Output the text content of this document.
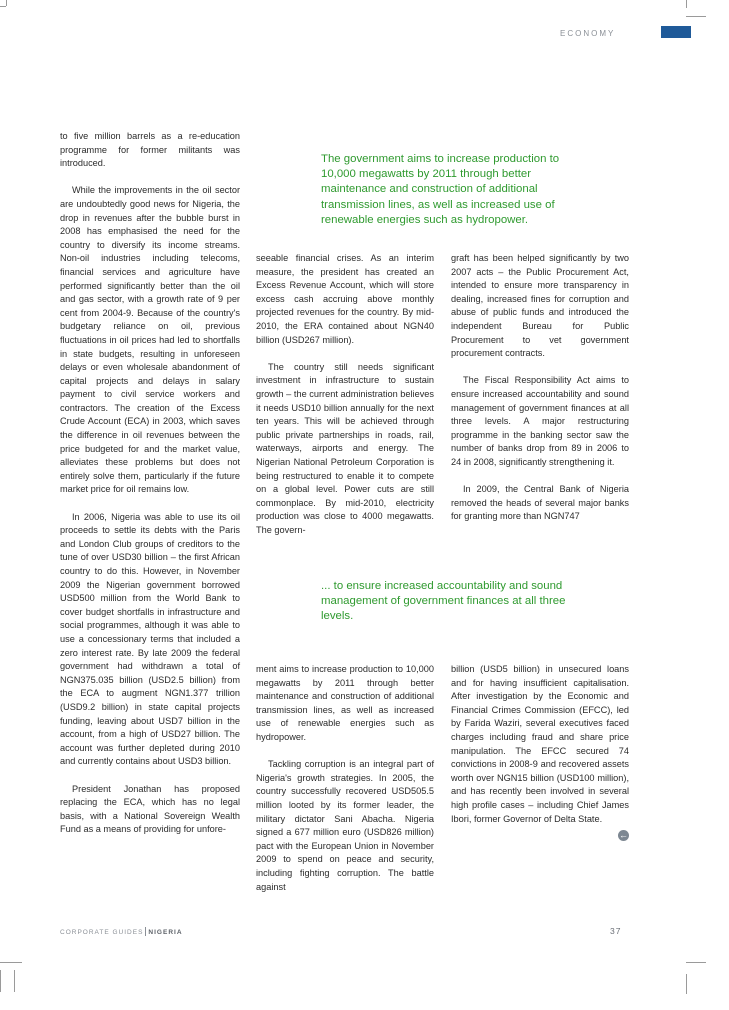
ECONOMY
The government aims to increase production to 10,000 megawatts by 2011 through better maintenance and construction of additional transmission lines, as well as increased use of renewable energies such as hydropower.

to five million barrels as a re-education programme for former militants was introduced.

While the improvements in the oil sector are undoubtedly good news for Nigeria, the drop in revenues after the bubble burst in 2008 has emphasised the need for the country to diversify its income streams. Non-oil industries including telecoms, financial services and agriculture have performed significantly better than the oil and gas sector, with a growth rate of 9 per cent from 2004-9. Because of the country's budgetary reliance on oil, previous fluctuations in oil prices had led to shortfalls in state budgets, resulting in unforeseen delays or even wholesale abandonment of capital projects and delays in salary payment to civil service workers and contractors. The creation of the Excess Crude Account (ECA) in 2003, which saves the difference in oil revenues between the price budgeted for and the market value, alleviates these problems but does not entirely solve them, particularly if the future market price for oil remains low.

In 2006, Nigeria was able to use its oil proceeds to settle its debts with the Paris and London Club groups of creditors to the tune of over USD30 billion – the first African country to do this. However, in November 2009 the Nigerian government borrowed USD500 million from the World Bank to cover budget shortfalls in infrastructure and social programmes, although it was able to use a concessionary terms that included a zero interest rate. By late 2009 the federal government had withdrawn a total of NGN375.035 billion (USD2.5 billion) from the ECA to augment NGN1.377 trillion (USD9.2 billion) in state capital projects funding, leaving about USD7 billion in the account, from a high of USD27 billion. The account was further depleted during 2010 and currently contains about USD3 billion.

President Jonathan has proposed replacing the ECA, which has no legal basis, with a National Sovereign Wealth Fund as a means of providing for unfore-

seeable financial crises. As an interim measure, the president has created an Excess Revenue Account, which will store excess cash accruing above monthly projected revenues for the country. By mid-2010, the ERA contained about NGN40 billion (USD267 million).

The country still needs significant investment in infrastructure to sustain growth – the current administration believes it needs USD10 billion annually for the next ten years. This will be achieved through public private partnerships in roads, rail, waterways, airports and energy. The Nigerian National Petroleum Corporation is being restructured to enable it to compete on a global level. Power cuts are still commonplace. By mid-2010, electricity production was close to 4000 megawatts. The govern-

graft has been helped significantly by two 2007 acts – the Public Procurement Act, intended to ensure more transparency in dealing, increased fines for corruption and abuse of public funds and introduced the independent Bureau for Public Procurement to vet government procurement contracts.

The Fiscal Responsibility Act aims to ensure increased accountability and sound management of government finances at all three levels. A major restructuring programme in the banking sector saw the number of banks drop from 89 in 2006 to 24 in 2008, significantly strengthening it.

In 2009, the Central Bank of Nigeria removed the heads of several major banks for granting more than NGN747

... to ensure increased accountability and sound management of government finances at all three levels.

ment aims to increase production to 10,000 megawatts by 2011 through better maintenance and construction of additional transmission lines, as well as increased use of renewable energies such as hydropower.

Tackling corruption is an integral part of Nigeria's growth strategies. In 2005, the country successfully recovered USD505.5 million looted by its former leader, the military dictator Sani Abacha. Nigeria signed a 677 million euro (USD826 million) pact with the European Union in November 2009 to spend on peace and security, including fighting corruption. The battle against

billion (USD5 billion) in unsecured loans and for having insufficient capitalisation. After investigation by the Economic and Financial Crimes Commission (EFCC), led by Farida Waziri, several executives faced charges including fraud and share price manipulation. The EFCC secured 74 convictions in 2008-9 and recovered assets worth over NGN15 billion (USD100 million), and has recently been involved in several high profile cases – including Chief James Ibori, former Governor of Delta State.

←
CORPORATE GUIDES NIGERIA	37
